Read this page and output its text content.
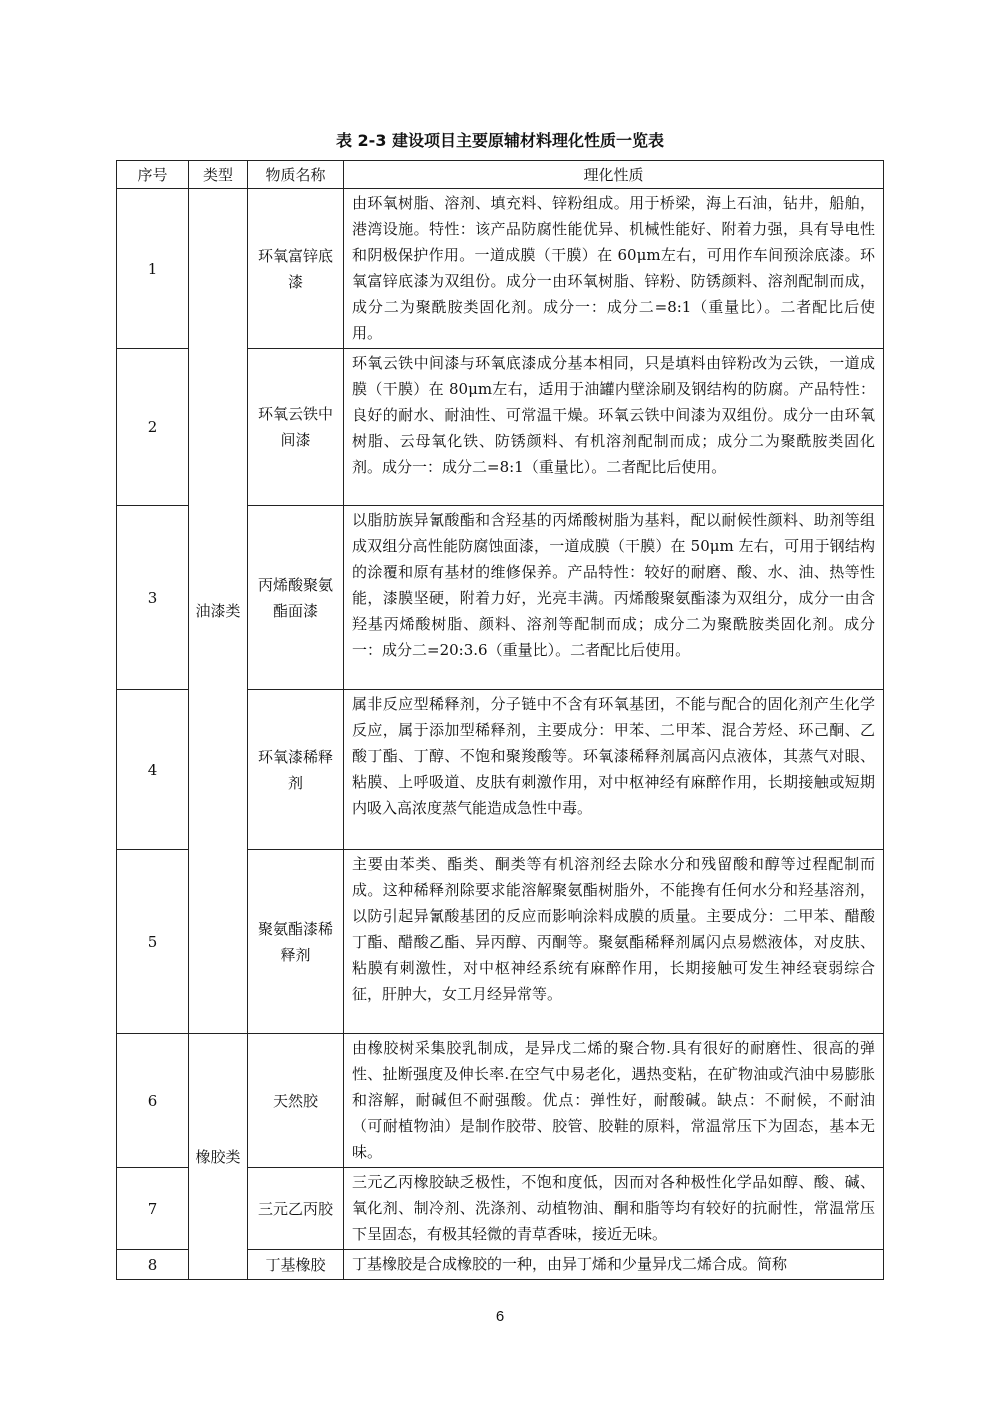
表 2-3 建设项目主要原辅材料理化性质一览表
序号	类型	物质名称	理化性质
1	油漆类	环氧富锌底漆	由环氧树脂、溶剂、填充料、锌粉组成。用于桥梁，海上石油，钻井，船舶，港湾设施。特性：该产品防腐性能优异、机械性能好、附着力强，具有导电性和阴极保护作用。一道成膜（干膜）在 60μm左右，可用作车间预涂底漆。环氧富锌底漆为双组份。成分一由环氧树脂、锌粉、防锈颜料、溶剂配制而成，成分二为聚酰胺类固化剂。成分一：成分二=8:1（重量比）。二者配比后使用。
2		环氧云铁中间漆	环氧云铁中间漆与环氧底漆成分基本相同，只是填料由锌粉改为云铁，一道成膜（干膜）在 80μm左右，适用于油罐内壁涂刷及钢结构的防腐。产品特性：良好的耐水、耐油性、可常温干燥。环氧云铁中间漆为双组份。成分一由环氧树脂、云母氧化铁、防锈颜料、有机溶剂配制而成；成分二为聚酰胺类固化剂。成分一：成分二=8:1（重量比）。二者配比后使用。
3		丙烯酸聚氨酯面漆	以脂肪族异氰酸酯和含羟基的丙烯酸树脂为基料，配以耐候性颜料、助剂等组成双组分高性能防腐蚀面漆，一道成膜（干膜）在 50μm 左右，可用于钢结构的涂覆和原有基材的维修保养。产品特性：较好的耐磨、酸、水、油、热等性能，漆膜坚硬，附着力好，光亮丰满。丙烯酸聚氨酯漆为双组分，成分一由含羟基丙烯酸树脂、颜料、溶剂等配制而成；成分二为聚酰胺类固化剂。成分一：成分二=20:3.6（重量比）。二者配比后使用。
4		环氧漆稀释剂	属非反应型稀释剂，分子链中不含有环氧基团，不能与配合的固化剂产生化学反应，属于添加型稀释剂，主要成分：甲苯、二甲苯、混合芳烃、环己酮、乙酸丁酯、丁醇、不饱和聚羧酸等。环氧漆稀释剂属高闪点液体，其蒸气对眼、粘膜、上呼吸道、皮肤有刺激作用，对中枢神经有麻醉作用，长期接触或短期内吸入高浓度蒸气能造成急性中毒。
5		聚氨酯漆稀释剂	主要由苯类、酯类、酮类等有机溶剂经去除水分和残留酸和醇等过程配制而成。这种稀释剂除要求能溶解聚氨酯树脂外，不能搀有任何水分和羟基溶剂，以防引起异氰酸基团的反应而影响涂料成膜的质量。主要成分：二甲苯、醋酸丁酯、醋酸乙酯、异丙醇、丙酮等。聚氨酯稀释剂属闪点易燃液体，对皮肤、粘膜有刺激性，对中枢神经系统有麻醉作用，长期接触可发生神经衰弱综合征，肝肿大，女工月经异常等。
6	橡胶类	天然胶	由橡胶树采集胶乳制成，是异戊二烯的聚合物.具有很好的耐磨性、很高的弹性、扯断强度及伸长率.在空气中易老化，遇热变粘，在矿物油或汽油中易膨胀和溶解，耐碱但不耐强酸。优点：弹性好，耐酸碱。缺点：不耐候，不耐油（可耐植物油）是制作胶带、胶管、胶鞋的原料，常温常压下为固态，基本无味。
7		三元乙丙胶	三元乙丙橡胶缺乏极性，不饱和度低，因而对各种极性化学品如醇、酸、碱、氧化剂、制冷剂、洗涤剂、动植物油、酮和脂等均有较好的抗耐性，常温常压下呈固态，有极其轻微的青草香味，接近无味。
8		丁基橡胶	丁基橡胶是合成橡胶的一种，由异丁烯和少量异戊二烯合成。简称
6
